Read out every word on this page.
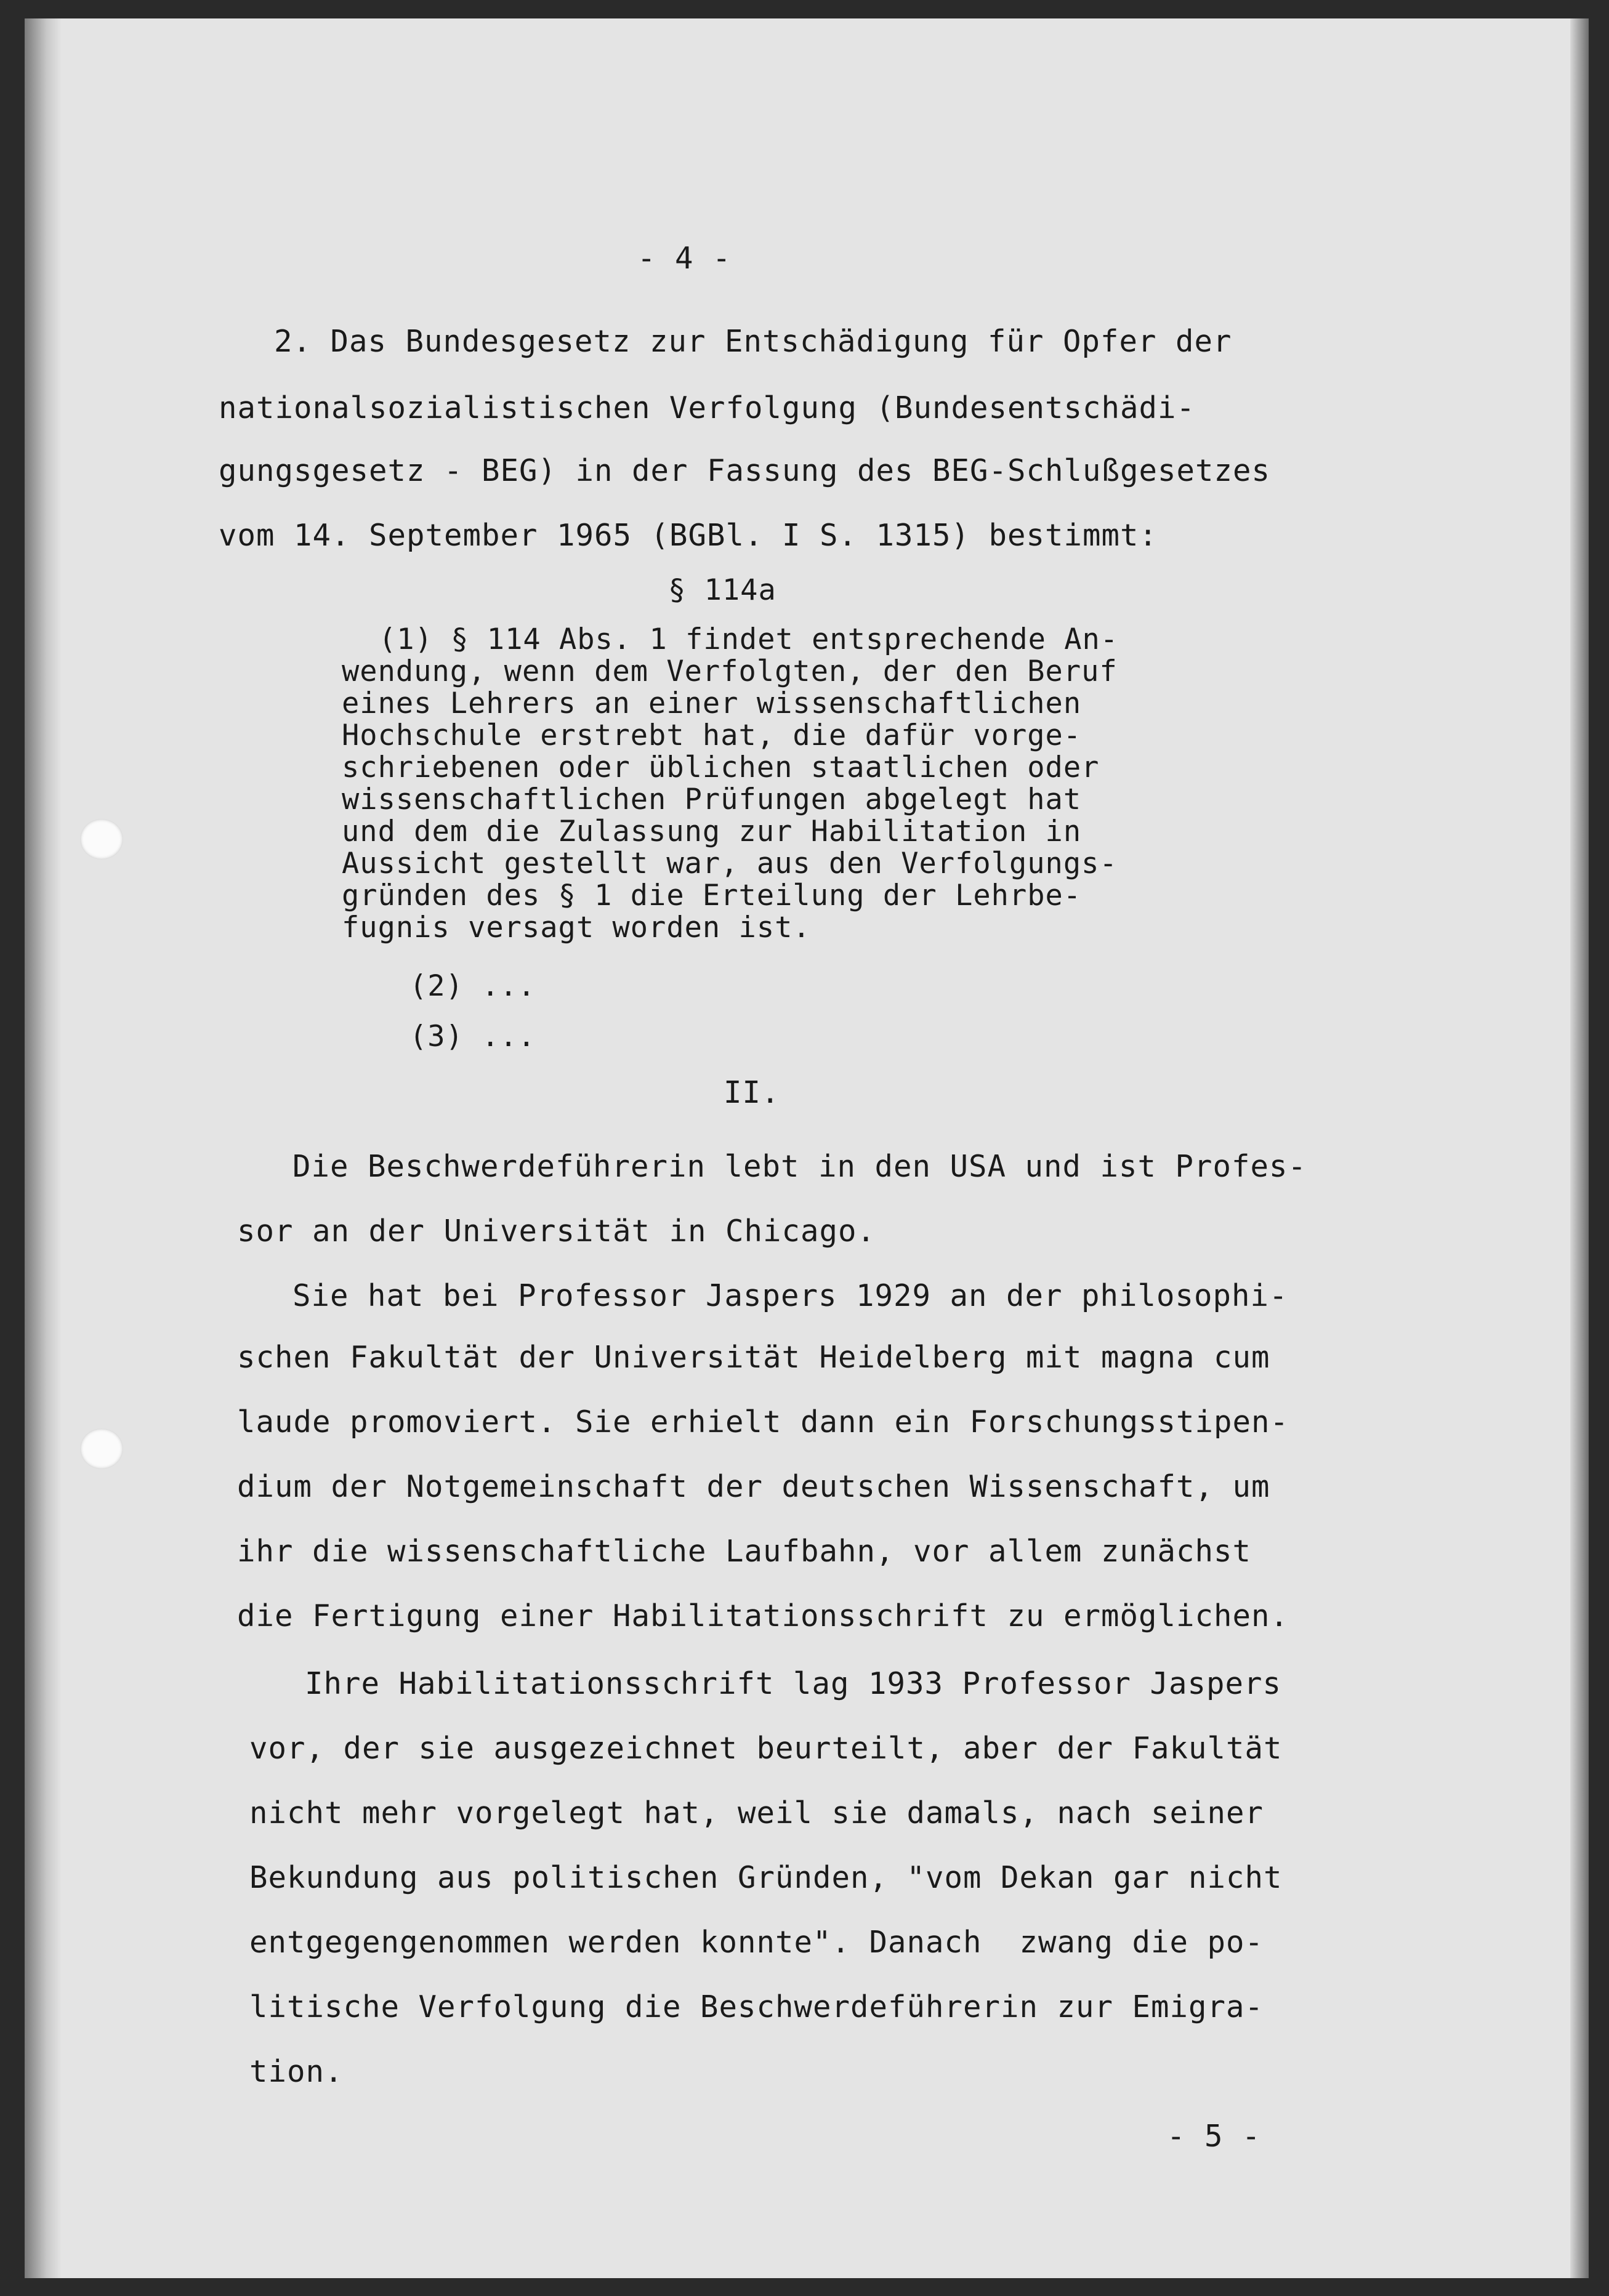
- 4 -
2. Das Bundesgesetz zur Entschädigung für Opfer der
nationalsozialistischen Verfolgung (Bundesentschädi-
gungsgesetz - BEG) in der Fassung des BEG-Schlußgesetzes
vom 14. September 1965 (BGBl. I S. 1315) bestimmt:
§ 114a
(1) § 114 Abs. 1 findet entsprechende An-
wendung, wenn dem Verfolgten, der den Beruf
eines Lehrers an einer wissenschaftlichen
Hochschule erstrebt hat, die dafür vorge-
schriebenen oder üblichen staatlichen oder
wissenschaftlichen Prüfungen abgelegt hat
und dem die Zulassung zur Habilitation in
Aussicht gestellt war, aus den Verfolgungs-
gründen des § 1 die Erteilung der Lehrbe-
fugnis versagt worden ist.
(2) ...
(3) ...
II.
Die Beschwerdeführerin lebt in den USA und ist Profes-
sor an der Universität in Chicago.
Sie hat bei Professor Jaspers 1929 an der philosophi-
schen Fakultät der Universität Heidelberg mit magna cum
laude promoviert. Sie erhielt dann ein Forschungsstipen-
dium der Notgemeinschaft der deutschen Wissenschaft, um
ihr die wissenschaftliche Laufbahn, vor allem zunächst
die Fertigung einer Habilitationsschrift zu ermöglichen.
Ihre Habilitationsschrift lag 1933 Professor Jaspers
vor, der sie ausgezeichnet beurteilt, aber der Fakultät
nicht mehr vorgelegt hat, weil sie damals, nach seiner
Bekundung aus politischen Gründen, "vom Dekan gar nicht
entgegengenommen werden konnte". Danach  zwang die po-
litische Verfolgung die Beschwerdeführerin zur Emigra-
tion.
- 5 -
